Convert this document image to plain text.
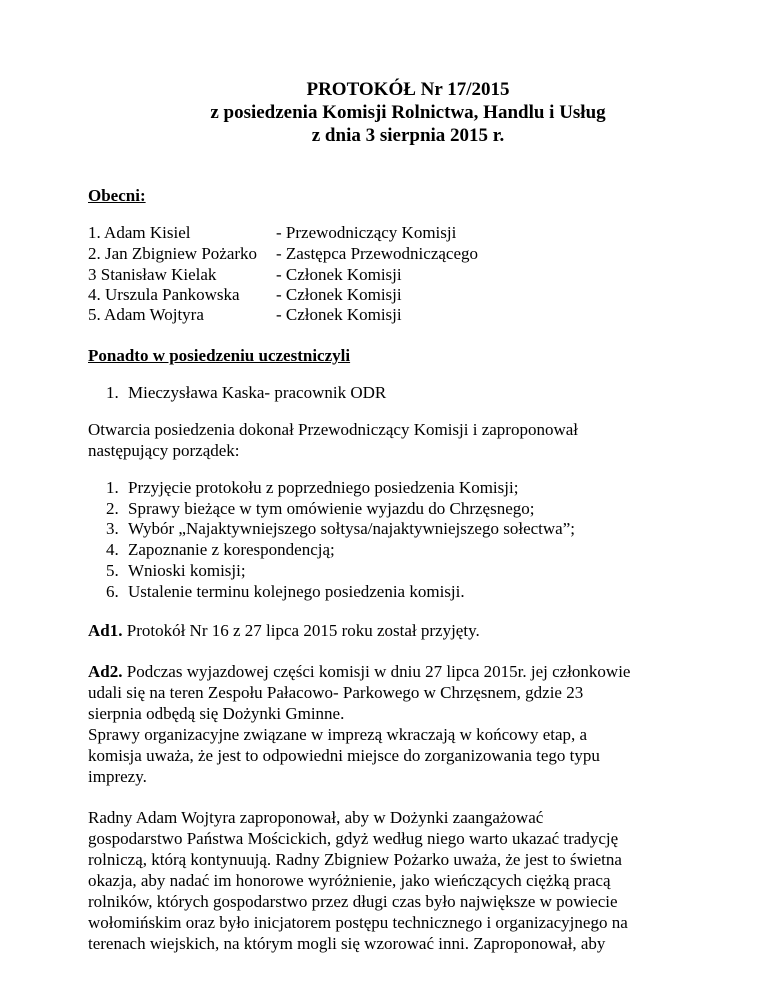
PROTOKÓŁ Nr 17/2015
z posiedzenia Komisji Rolnictwa, Handlu i Usług
z dnia 3 sierpnia 2015 r.
Obecni:
1. Adam Kisiel	- Przewodniczący Komisji
2. Jan Zbigniew Pożarko - Zastępca Przewodniczącego
3 Stanisław Kielak	- Członek Komisji
4. Urszula Pankowska - Członek Komisji
5. Adam Wojtyra	- Członek Komisji
Ponadto w posiedzeniu uczestniczyli
1. Mieczysława Kaska- pracownik ODR
Otwarcia posiedzenia dokonał Przewodniczący Komisji i zaproponował
następujący porządek:
1. Przyjęcie protokołu z poprzedniego posiedzenia Komisji;
2. Sprawy bieżące w tym omówienie wyjazdu do Chrzęsnego;
3. Wybór „Najaktywniejszego sołtysa/najaktywniejszego sołectwa”;
4. Zapoznanie z korespondencją;
5. Wnioski komisji;
6. Ustalenie terminu kolejnego posiedzenia komisji.
Ad1. Protokół Nr 16 z 27 lipca 2015 roku został przyjęty.
Ad2. Podczas wyjazdowej części komisji w dniu 27 lipca 2015r. jej członkowie
udali się na teren Zespołu Pałacowo- Parkowego w Chrzęsnem, gdzie 23
sierpnia odbędą się Dożynki Gminne.
Sprawy organizacyjne związane w imprezą wkraczają w końcowy etap, a
komisja uważa, że jest to odpowiedni miejsce do zorganizowania tego typu
imprezy.
Radny Adam Wojtyra zaproponował, aby w Dożynki zaangażować
gospodarstwo Państwa Mościckich, gdyż według niego warto ukazać tradycję
rolniczą, którą kontynuują. Radny Zbigniew Pożarko uważa, że jest to świetna
okazja, aby nadać im honorowe wyróżnienie, jako wieńczących ciężką pracą
rolników, których gospodarstwo przez długi czas było największe w powiecie
wołomińskim oraz było inicjatorem postępu technicznego i organizacyjnego na
terenach wiejskich, na którym mogli się wzorować inni. Zaproponował, aby
